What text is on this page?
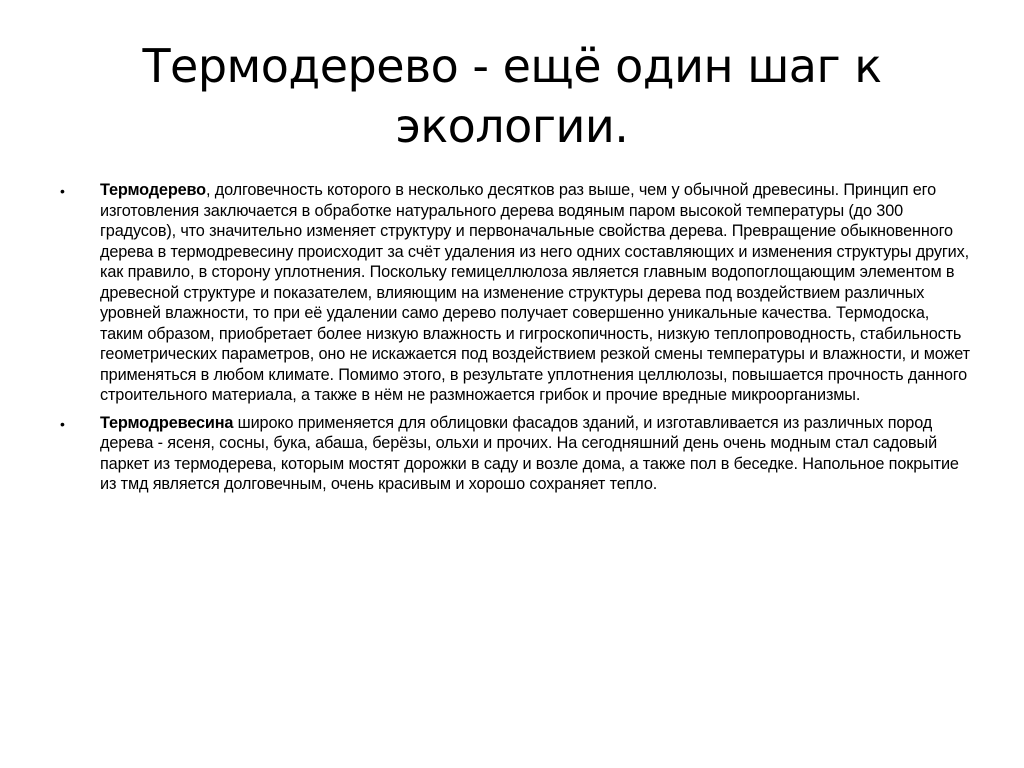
Термодерево - ещё один шаг к экологии.
• Термодерево, долговечность которого в несколько десятков раз выше, чем у обычной древесины. Принцип его изготовления заключается в обработке натурального дерева водяным паром высокой температуры (до 300 градусов), что значительно изменяет структуру и первоначальные свойства дерева. Превращение обыкновенного дерева в термодревесину происходит за счёт удаления из него одних составляющих и изменения структуры других, как правило, в сторону уплотнения. Поскольку гемицеллюлоза является главным водопоглощающим элементом в древесной структуре и показателем, влияющим на изменение структуры дерева под воздействием различных уровней влажности, то при её удалении само дерево получает совершенно уникальные качества. Термодоска, таким образом, приобретает более низкую влажность и гигроскопичность, низкую теплопроводность, стабильность геометрических параметров, оно не искажается под воздействием резкой смены температуры и влажности, и может применяться в любом климате. Помимо этого, в результате уплотнения целлюлозы, повышается прочность данного строительного материала, а также в нём не размножается грибок и прочие вредные микроорганизмы.
• Термодревесина широко применяется для облицовки фасадов зданий, и изготавливается из различных пород дерева - ясеня, сосны, бука, абаша, берёзы, ольхи и прочих. На сегодняшний день очень модным стал садовый паркет из термодерева, которым мостят дорожки в саду и возле дома, а также пол в беседке. Напольное покрытие из тмд является долговечным, очень красивым и хорошо сохраняет тепло.
